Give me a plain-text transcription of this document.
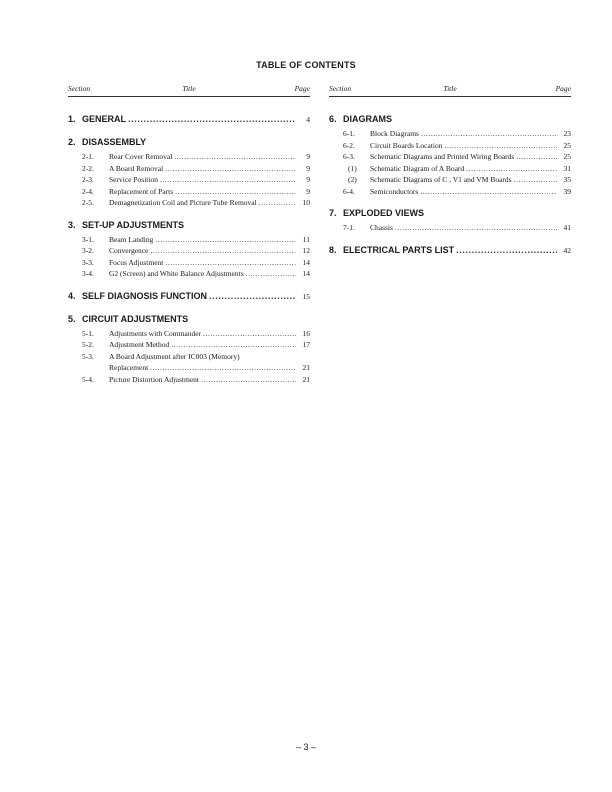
TABLE OF CONTENTS
Section	Title	Page
1. GENERAL .....	4
2. DISASSEMBLY
2-1.	Rear Cover Removal .....	9
2-2.	A Board Removal .....	9
2-3.	Service Position .....	9
2-4.	Replacement of Parts .....	9
2-5.	Demagnetization Coil and Picture Tube Removal .....	10
3. SET-UP ADJUSTMENTS
3-1.	Beam Landing .....	11
3-2.	Convergence .....	12
3-3.	Focus Adjustment .....	14
3-4.	G2 (Screen) and White Balance Adjustments .....	14
4. SELF DIAGNOSIS FUNCTION .....	15
5. CIRCUIT ADJUSTMENTS
5-1.	Adjustments with Commander .....	16
5-2.	Adjustment Method .....	17
5-3.	A Board Adjustment after IC003 (Memory)
Replacement .....	21
5-4.	Picture Distortion Adjustment .....	21
Section	Title	Page
6. DIAGRAMS
6-1.	Block Diagrams .....	23
6-2.	Circuit Boards Location .....	25
6-3.	Schematic Diagrams and Printed Wiring Boards .....	25
(1)	Schematic Diagram of A Board .....	31
(2)	Schematic Diagrams of C , V1 and VM Boards .....	35
6-4.	Semiconductors .....	39
7. EXPLODED VIEWS
7-1.	Chassis .....	41
8. ELECTRICAL PARTS LIST .....	42
– 3 –
